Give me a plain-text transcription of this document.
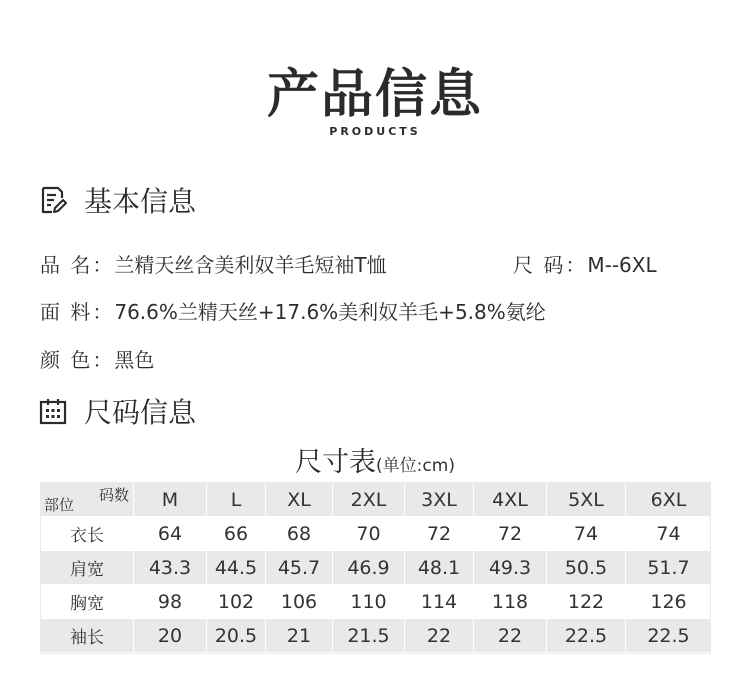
产品信息
PRODUCTS
基本信息
品 名：兰精天丝含美利奴羊毛短袖T恤	尺 码：M--6XL
面 料：76.6%兰精天丝+17.6%美利奴羊毛+5.8%氨纶
颜 色：黑色
尺码信息
尺寸表(单位:cm)
码数
部位	M	L	XL	2XL	3XL	4XL	5XL	6XL
衣长	64	66	68	70	72	72	74	74
肩宽	43.3	44.5	45.7	46.9	48.1	49.3	50.5	51.7
胸宽	98	102	106	110	114	118	122	126
袖长	20	20.5	21	21.5	22	22	22.5	22.5
